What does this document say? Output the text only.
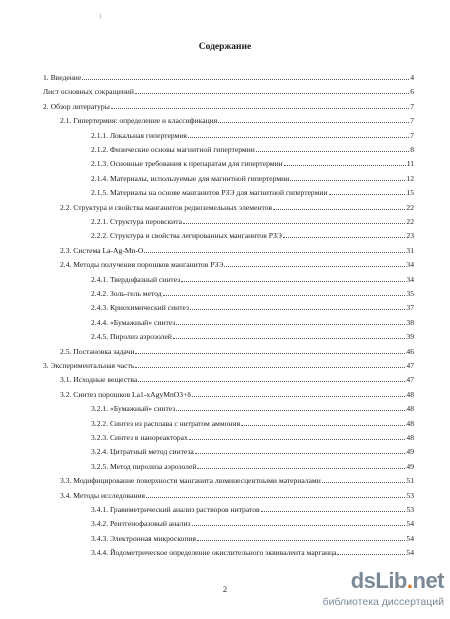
1
Содержание
1. Введение	4
Лист основных сокращений	6
2. Обзор литературы	7
2.1. Гипертермия: определение и классификация	7
2.1.1. Локальная гипертермия	7
2.1.2. Физические основы магнитной гипертермии	8
2.1.3. Основные требования к препаратам для гипертермии	11
2.1.4. Материалы, используемые для магнитной гипертермии	12
2.1.5. Материалы на основе манганитов РЗЭ для магнитной гипертермии	15
2.2. Структура и свойства манганитов редкоземельных элементов	22
2.2.1. Структура перовскита	22
2.2.2. Структура и свойства легированных манганитов РЗЭ	23
2.3. Система La-Ag-Mn-O	31
2.4. Методы получения порошков манганитов РЗЭ	34
2.4.1. Твердофазный синтез	34
2.4.2. Золь-гель метод	35
2.4.3. Криохимический синтез	37
2.4.4. «Бумажный» синтез	38
2.4.5. Пиролиз аэрозолей	39
2.5. Постановка задачи	46
3. Экспериментальная часть	47
3.1. Исходные вещества	47
3.2. Синтез порошков La1-xAgyMnO3+δ	48
3.2.1. «Бумажный» синтез	48
3.2.2. Синтез из расплава с нитратом аммония	48
3.2.3. Синтез в нанореакторах	48
3.2.4. Цитратный метод синтеза	49
3.2.5. Метод пиролиза аэрозолей	49
3.3. Модифицирование поверхности манганита люминесцентными материалами	51
3.4. Методы исследования	53
3.4.1. Гравиметрический анализ растворов нитратов	53
3.4.2. Рентгенофазовый анализ	54
3.4.3. Электронная микроскопия	54
3.4.4. Йодометрическое определение окислительного эквивалента марганца	54
2	dsLib.net
библиотека диссертаций
